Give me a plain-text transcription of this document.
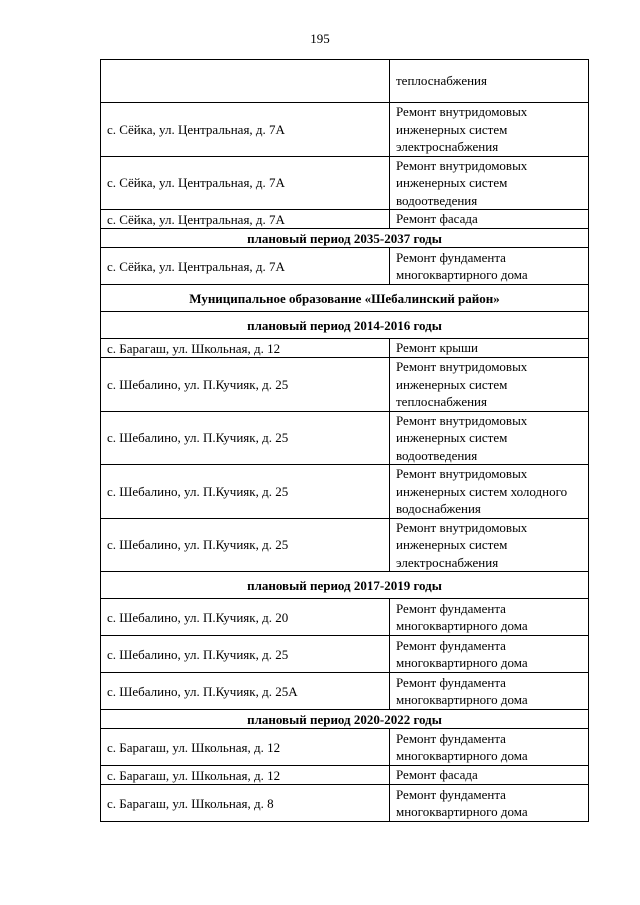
195
	теплоснабжения
с. Сёйка, ул. Центральная, д. 7А	Ремонт внутридомовых инженерных систем электроснабжения
с. Сёйка, ул. Центральная, д. 7А	Ремонт внутридомовых инженерных систем водоотведения
с. Сёйка, ул. Центральная, д. 7А	Ремонт фасада
плановый период 2035-2037 годы	
с. Сёйка, ул. Центральная, д. 7А	Ремонт фундамента многоквартирного дома
Муниципальное образование «Шебалинский район»	
плановый период 2014-2016 годы	
с. Барагаш, ул. Школьная, д. 12	Ремонт крыши
с. Шебалино, ул. П.Кучияк, д. 25	Ремонт внутридомовых инженерных систем теплоснабжения
с. Шебалино, ул. П.Кучияк, д. 25	Ремонт внутридомовых инженерных систем водоотведения
с. Шебалино, ул. П.Кучияк, д. 25	Ремонт внутридомовых инженерных систем холодного водоснабжения
с. Шебалино, ул. П.Кучияк, д. 25	Ремонт внутридомовых инженерных систем электроснабжения
плановый период 2017-2019 годы	
с. Шебалино, ул. П.Кучияк, д. 20	Ремонт фундамента многоквартирного дома
с. Шебалино, ул. П.Кучияк, д. 25	Ремонт фундамента многоквартирного дома
с. Шебалино, ул. П.Кучияк, д. 25А	Ремонт фундамента многоквартирного дома
плановый период 2020-2022 годы	
с. Барагаш, ул. Школьная, д. 12	Ремонт фундамента многоквартирного дома
с. Барагаш, ул. Школьная, д. 12	Ремонт фасада
с. Барагаш, ул. Школьная, д. 8	Ремонт фундамента многоквартирного дома
